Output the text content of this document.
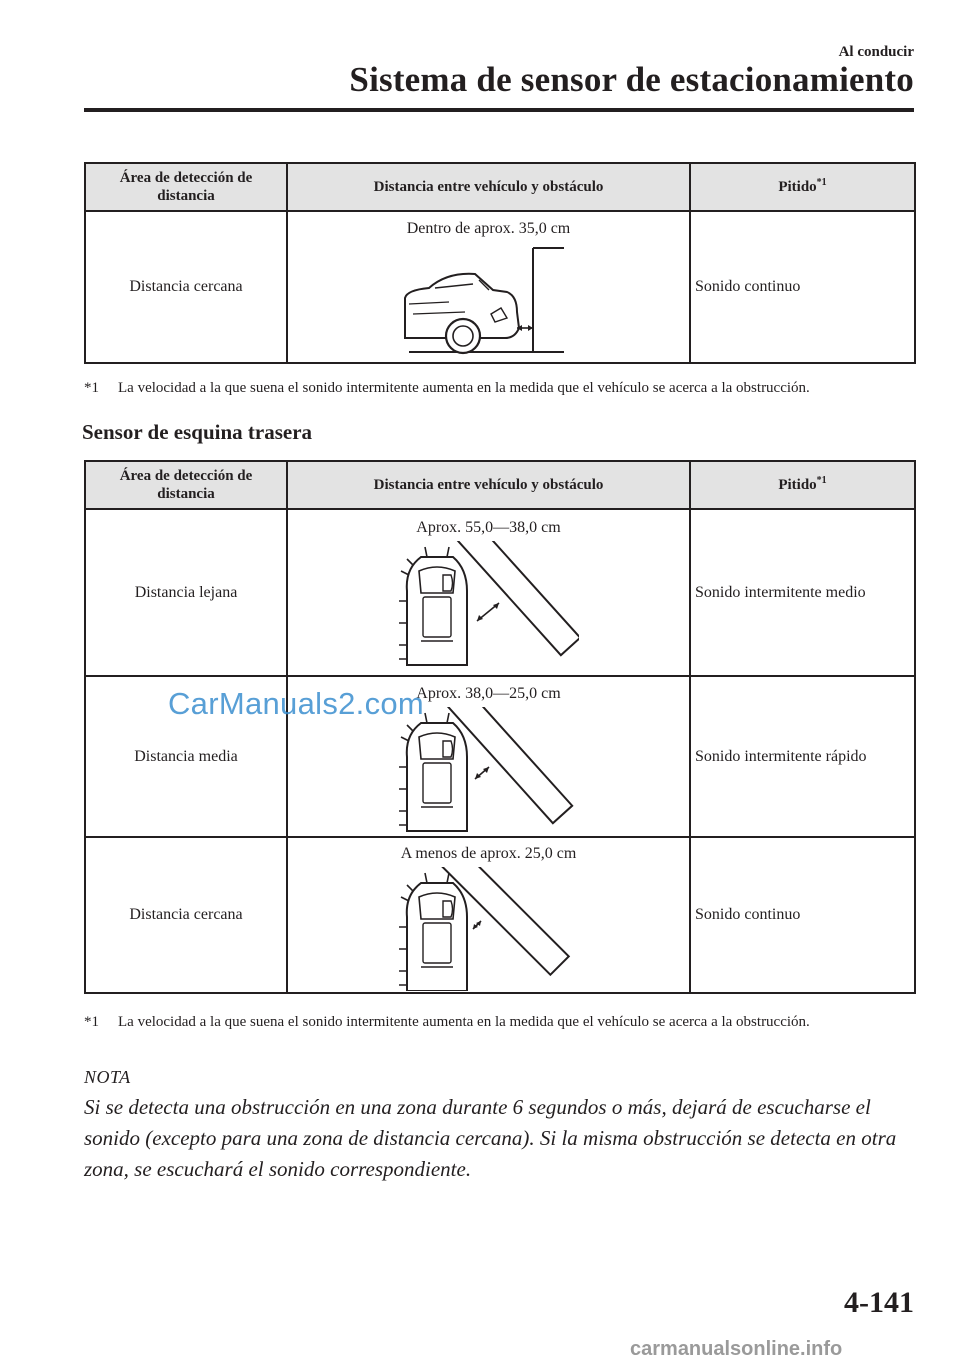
Al conducir
Sistema de sensor de estacionamiento
Área de detección de distancia	Distancia entre vehículo y obstáculo	Pitido$^{*1}$
Distancia cercana	Dentro de aprox. 35,0 cm	Sonido continuo
*1	La velocidad a la que suena el sonido intermitente aumenta en la medida que el vehículo se acerca a la obstrucción.
Sensor de esquina trasera
Área de detección de distancia	Distancia entre vehículo y obstáculo	Pitido$^{*1}$
Distancia lejana	Aprox. 55,0—38,0 cm	Sonido intermitente medio
Distancia media	Aprox. 38,0—25,0 cm	Sonido intermitente rápido
Distancia cercana	A menos de aprox. 25,0 cm	Sonido continuo
*1	La velocidad a la que suena el sonido intermitente aumenta en la medida que el vehículo se acerca a la obstrucción.
NOTA
Si se detecta una obstrucción en una zona durante 6 segundos o más, dejará de escucharse el sonido (excepto para una zona de distancia cercana). Si la misma obstrucción se detecta en otra zona, se escuchará el sonido correspondiente.
CarManuals2.com
4-141
carmanualsonline.info
